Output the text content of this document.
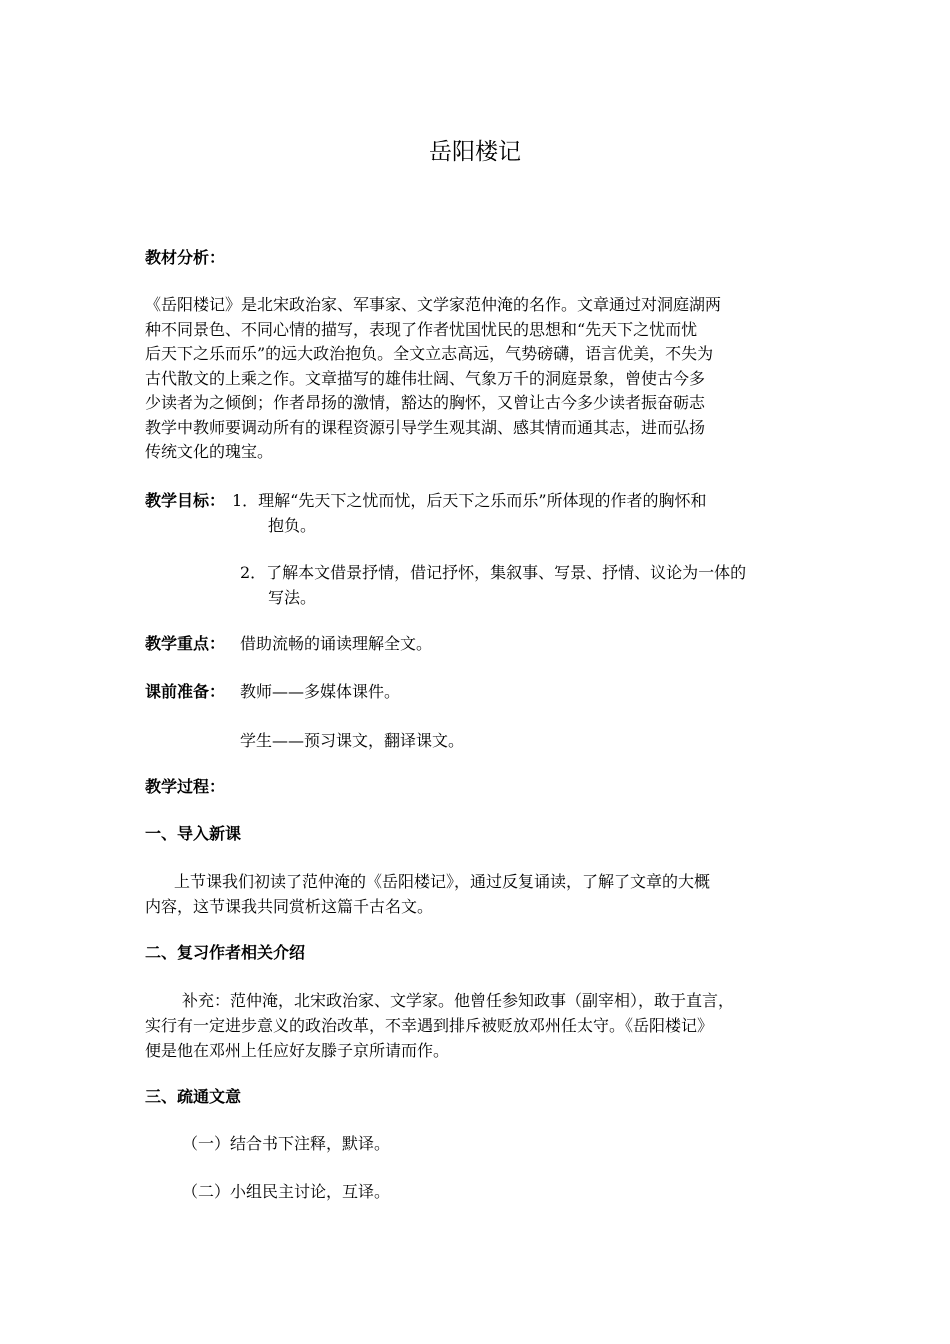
岳阳楼记
教材分析：
《岳阳楼记》是北宋政治家、军事家、文学家范仲淹的名作。文章通过对洞庭湖两
种不同景色、不同心情的描写，表现了作者忧国忧民的思想和“先天下之忧而忧
后天下之乐而乐”的远大政治抱负。全文立志高远，气势磅礴，语言优美，不失为
古代散文的上乘之作。文章描写的雄伟壮阔、气象万千的洞庭景象，曾使古今多
少读者为之倾倒；作者昂扬的激情，豁达的胸怀，又曾让古今多少读者振奋砺志
教学中教师要调动所有的课程资源引导学生观其湖、感其情而通其志，进而弘扬
传统文化的瑰宝。
教学目标： 1．理解“先天下之忧而忧，后天下之乐而乐”所体现的作者的胸怀和
抱负。
2．了解本文借景抒情，借记抒怀，集叙事、写景、抒情、议论为一体的
写法。
教学重点： 借助流畅的诵读理解全文。
课前准备： 教师——多媒体课件。
学生——预习课文，翻译课文。
教学过程：
一、导入新课
上节课我们初读了范仲淹的《岳阳楼记》，通过反复诵读，了解了文章的大概
内容，这节课我共同赏析这篇千古名文。
二、复习作者相关介绍
补充：范仲淹，北宋政治家、文学家。他曾任参知政事（副宰相），敢于直言，
实行有一定进步意义的政治改革，不幸遇到排斥被贬放邓州任太守。《岳阳楼记》
便是他在邓州上任应好友滕子京所请而作。
三、疏通文意
（一）结合书下注释，默译。
（二）小组民主讨论，互译。
